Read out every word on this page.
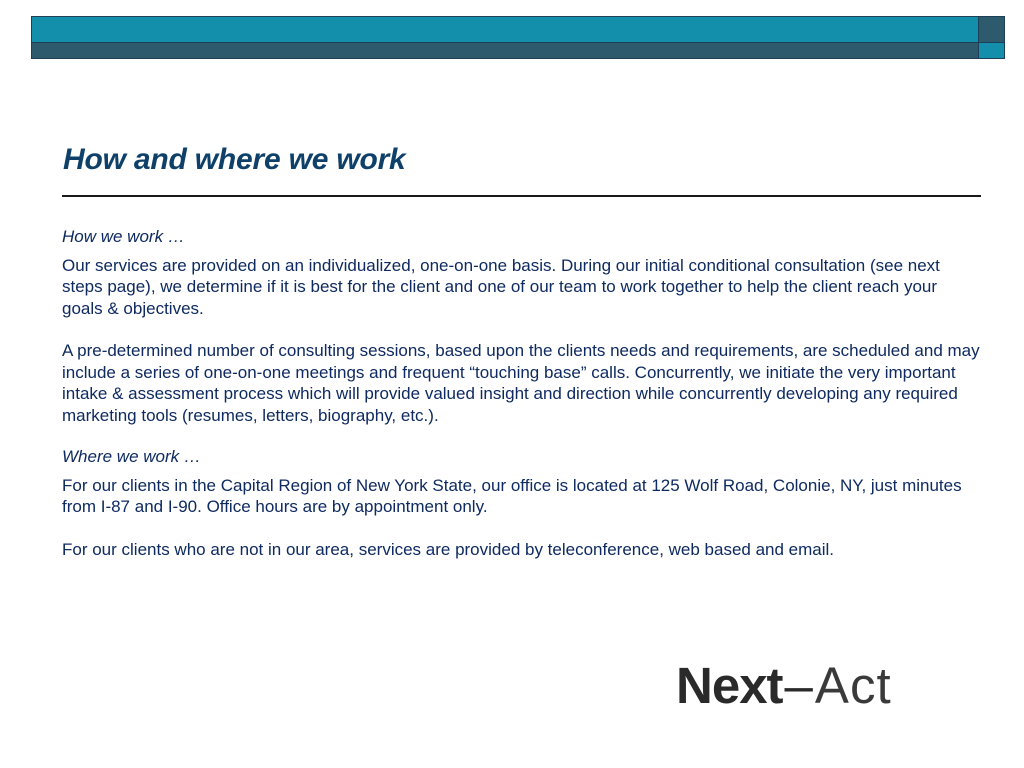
How and where we work

How we work …

Our services are provided on an individualized, one-on-one basis. During our initial conditional consultation (see next steps page), we determine if it is best for the client and one of our team to work together to help the client reach your goals & objectives.

A pre-determined number of consulting sessions, based upon the clients needs and requirements, are scheduled and may include a series of one-on-one meetings and frequent “touching base” calls. Concurrently, we initiate the very important intake & assessment process which will provide valued insight and direction while concurrently developing any required marketing tools (resumes, letters, biography, etc.).

Where we work …

For our clients in the Capital Region of New York State, our office is located at 125 Wolf Road, Colonie, NY, just minutes from I-87 and I-90. Office hours are by appointment only.

For our clients who are not in our area, services are provided by teleconference, web based and email.

Next – Act
